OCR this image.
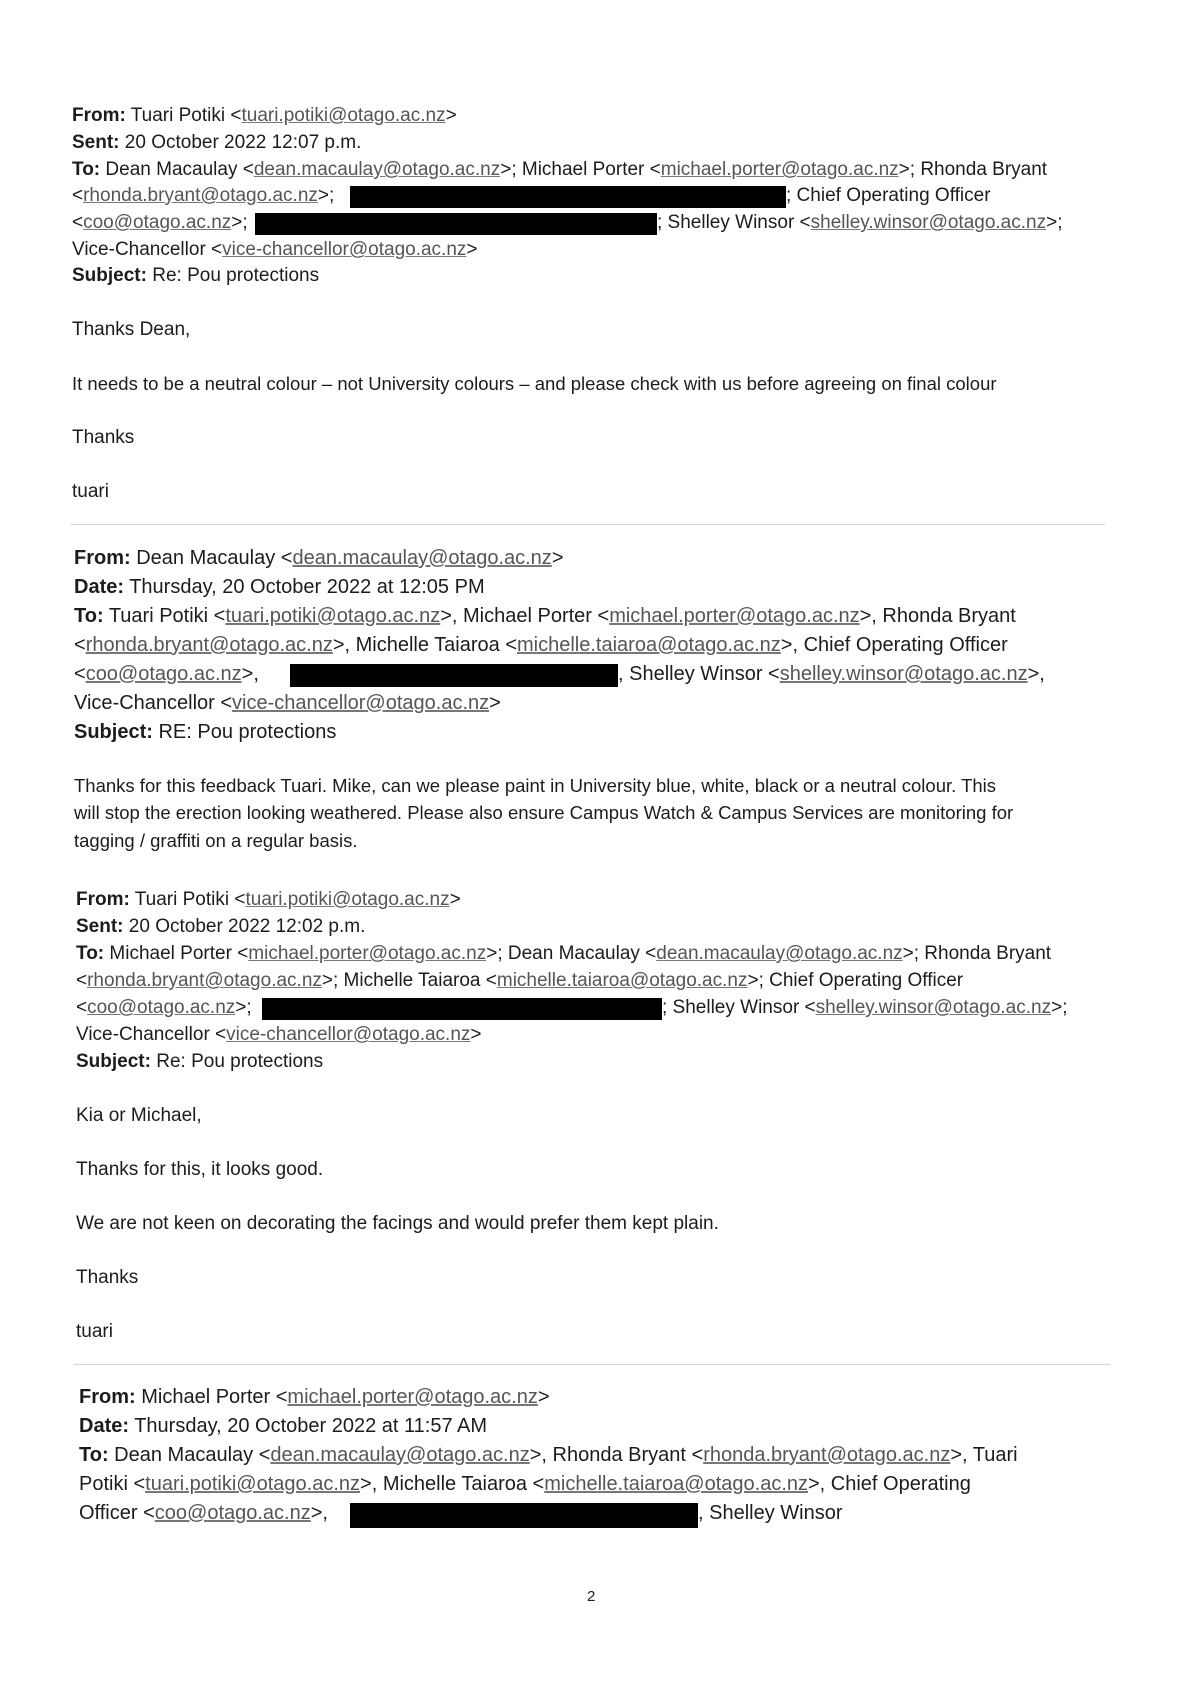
From: Tuari Potiki <tuari.potiki@otago.ac.nz>
Sent: 20 October 2022 12:07 p.m.
To: Dean Macaulay <dean.macaulay@otago.ac.nz>; Michael Porter <michael.porter@otago.ac.nz>; Rhonda Bryant
<rhonda.bryant@otago.ac.nz>;	; Chief Operating Officer
<coo@otago.ac.nz>;	; Shelley Winsor <shelley.winsor@otago.ac.nz>;
Vice-Chancellor <vice-chancellor@otago.ac.nz>
Subject: Re: Pou protections
Thanks Dean,
It needs to be a neutral colour – not University colours – and please check with us before agreeing on final colour
Thanks
tuari
From: Dean Macaulay <dean.macaulay@otago.ac.nz>
Date: Thursday, 20 October 2022 at 12:05 PM
To: Tuari Potiki <tuari.potiki@otago.ac.nz>, Michael Porter <michael.porter@otago.ac.nz>, Rhonda Bryant
<rhonda.bryant@otago.ac.nz>, Michelle Taiaroa <michelle.taiaroa@otago.ac.nz>, Chief Operating Officer
<coo@otago.ac.nz>,	, Shelley Winsor <shelley.winsor@otago.ac.nz>,
Vice-Chancellor <vice-chancellor@otago.ac.nz>
Subject: RE: Pou protections
Thanks for this feedback Tuari. Mike, can we please paint in University blue, white, black or a neutral colour. This
will stop the erection looking weathered. Please also ensure Campus Watch & Campus Services are monitoring for
tagging / graffiti on a regular basis.
From: Tuari Potiki <tuari.potiki@otago.ac.nz>
Sent: 20 October 2022 12:02 p.m.
To: Michael Porter <michael.porter@otago.ac.nz>; Dean Macaulay <dean.macaulay@otago.ac.nz>; Rhonda Bryant
<rhonda.bryant@otago.ac.nz>; Michelle Taiaroa <michelle.taiaroa@otago.ac.nz>; Chief Operating Officer
<coo@otago.ac.nz>;	; Shelley Winsor <shelley.winsor@otago.ac.nz>;
Vice-Chancellor <vice-chancellor@otago.ac.nz>
Subject: Re: Pou protections
Kia or Michael,
Thanks for this, it looks good.
We are not keen on decorating the facings and would prefer them kept plain.
Thanks
tuari
From: Michael Porter <michael.porter@otago.ac.nz>
Date: Thursday, 20 October 2022 at 11:57 AM
To: Dean Macaulay <dean.macaulay@otago.ac.nz>, Rhonda Bryant <rhonda.bryant@otago.ac.nz>, Tuari
Potiki <tuari.potiki@otago.ac.nz>, Michelle Taiaroa <michelle.taiaroa@otago.ac.nz>, Chief Operating
Officer <coo@otago.ac.nz>,	, Shelley Winsor
2
